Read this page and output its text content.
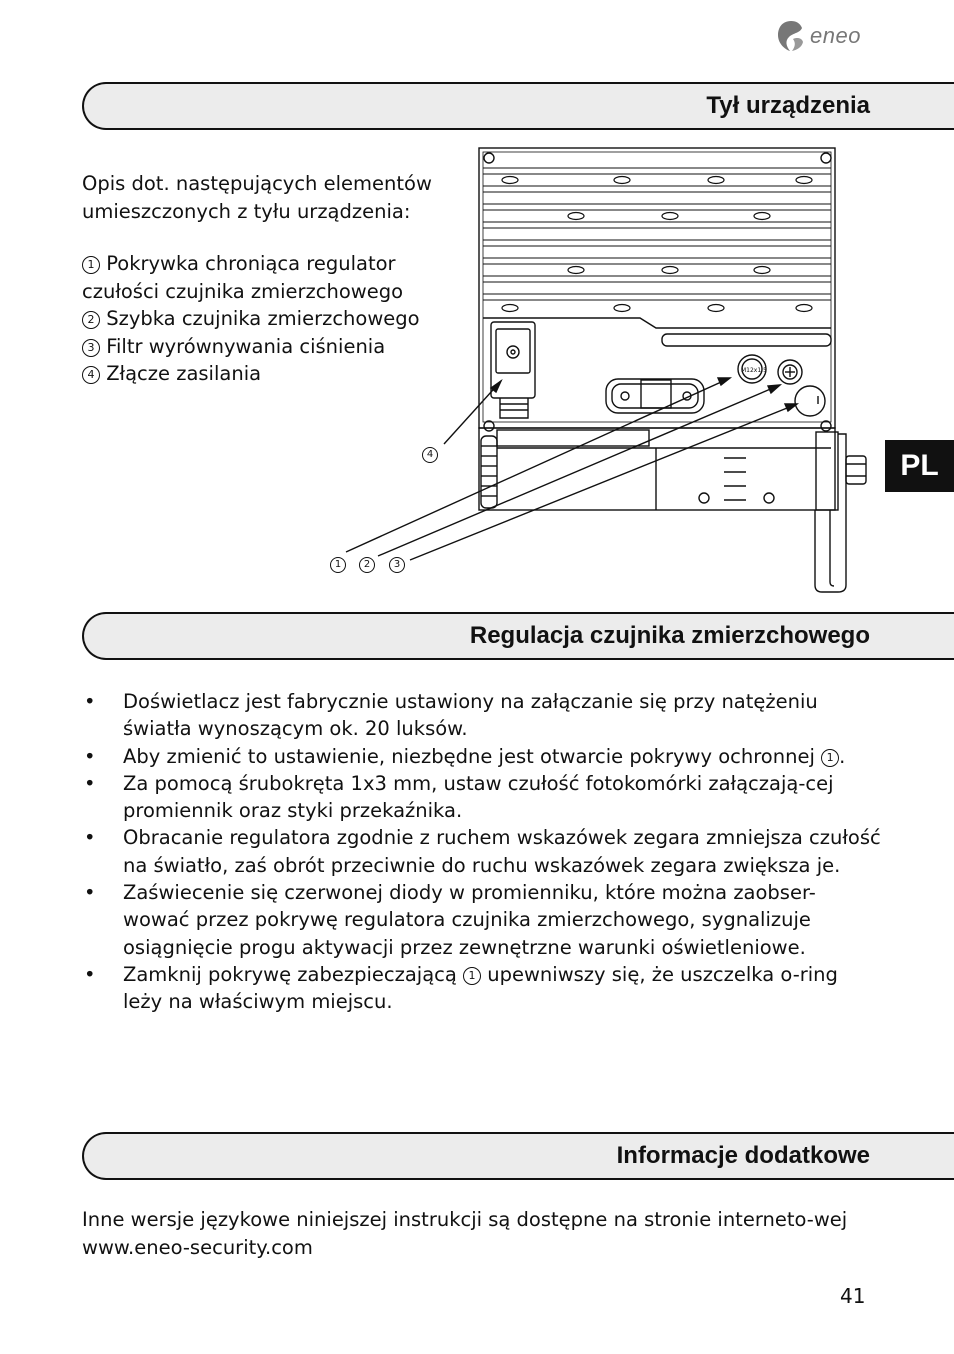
eneo
Tył urządzenia
Opis dot. następujących elementów umieszczonych z tyłu urządzenia:
1 Pokrywka chroniąca regulator czułości czujnika zmierzchowego
2 Szybka czujnika zmierzchowego
3 Filtr wyrównywania ciśnienia
4 Złącze zasilania	M12x1.5
4
1	2	3
PL
Regulacja czujnika zmierzchowego
• Doświetlacz jest fabrycznie ustawiony na załączanie się przy natężeniu światła wynoszącym ok. 20 luksów.
• Aby zmienić to ustawienie, niezbędne jest otwarcie pokrywy ochronnej 1 .
• Za pomocą śrubokręta 1x3 mm, ustaw czułość fotokomórki załączają-cej promiennik oraz styki przekaźnika.
• Obracanie regulatora zgodnie z ruchem wskazówek zegara zmniejsza czułość na światło, zaś obrót przeciwnie do ruchu wskazówek zegara zwiększa je.
• Zaświecenie się czerwonej diody w promienniku, które można zaobser-wować przez pokrywę regulatora czujnika zmierzchowego, sygnalizuje osiągnięcie progu aktywacji przez zewnętrzne warunki oświetleniowe.
• Zamknij pokrywę zabezpieczającą 1 upewniwszy się, że uszczelka o-ring leży na właściwym miejscu.
Informacje dodatkowe
Inne wersje językowe niniejszej instrukcji są dostępne na stronie interneto-wej www.eneo-security.com
41
